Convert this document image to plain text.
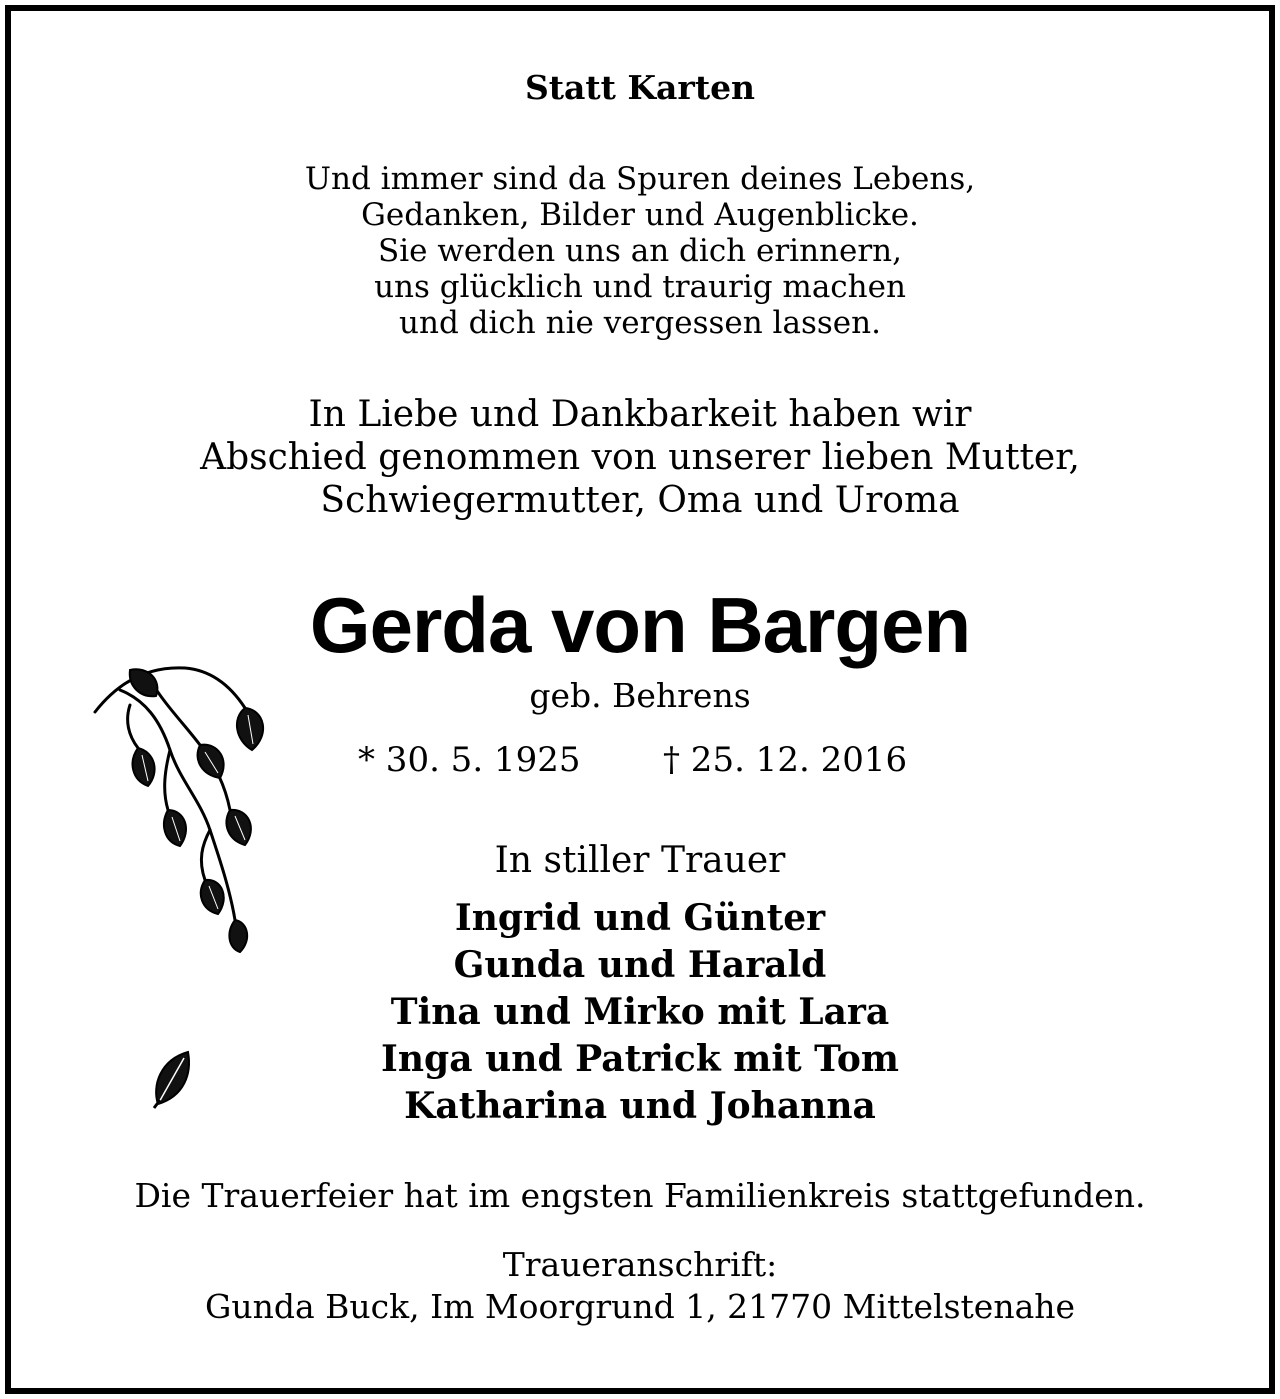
Statt Karten
Und immer sind da Spuren deines Lebens,
Gedanken, Bilder und Augenblicke.
Sie werden uns an dich erinnern,
uns glücklich und traurig machen
und dich nie vergessen lassen.
In Liebe und Dankbarkeit haben wir
Abschied genommen von unserer lieben Mutter,
Schwiegermutter, Oma und Uroma
Gerda von Bargen
geb. Behrens
* 30. 5. 1925 † 25. 12. 2016
In stiller Trauer
Ingrid und Günter
Gunda und Harald
Tina und Mirko mit Lara
Inga und Patrick mit Tom
Katharina und Johanna
Die Trauerfeier hat im engsten Familienkreis stattgefunden.
Traueranschrift:
Gunda Buck, Im Moorgrund 1, 21770 Mittelstenahe
